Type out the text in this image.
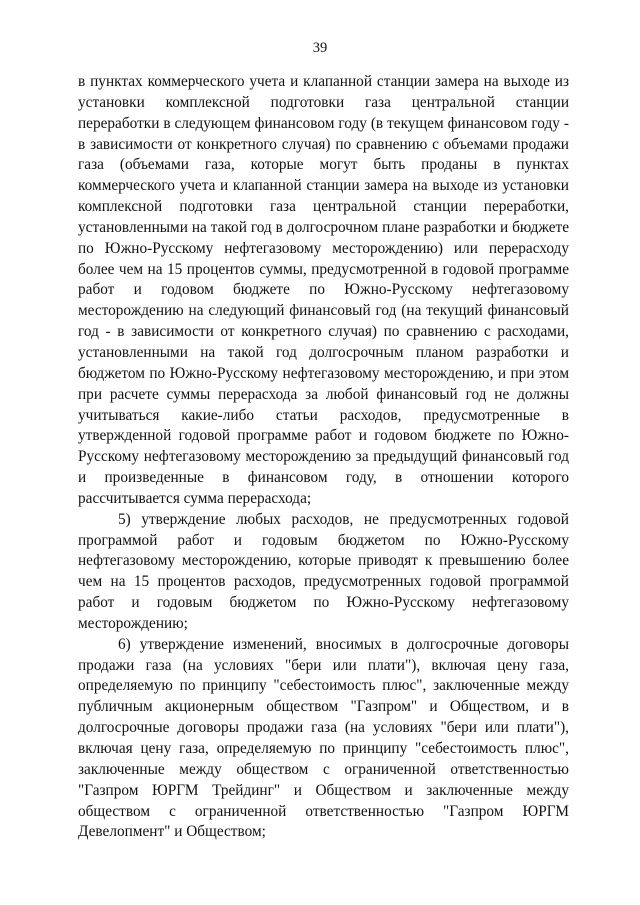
39

в пунктах коммерческого учета и клапанной станции замера на выходе из установки комплексной подготовки газа центральной станции переработки в следующем финансовом году (в текущем финансовом году - в зависимости от конкретного случая) по сравнению с объемами продажи газа (объемами газа, которые могут быть проданы в пунктах коммерческого учета и клапанной станции замера на выходе из установки комплексной подготовки газа центральной станции переработки, установленными на такой год в долгосрочном плане разработки и бюджете по Южно-Русскому нефтегазовому месторождению) или перерасходу более чем на 15 процентов суммы, предусмотренной в годовой программе работ и годовом бюджете по Южно-Русскому нефтегазовому месторождению на следующий финансовый год (на текущий финансовый год - в зависимости от конкретного случая) по сравнению с расходами, установленными на такой год долгосрочным планом разработки и бюджетом по Южно-Русскому нефтегазовому месторождению, и при этом при расчете суммы перерасхода за любой финансовый год не должны учитываться какие-либо статьи расходов, предусмотренные в утвержденной годовой программе работ и годовом бюджете по Южно-Русскому нефтегазовому месторождению за предыдущий финансовый год и произведенные в финансовом году, в отношении которого рассчитывается сумма перерасхода;

5) утверждение любых расходов, не предусмотренных годовой программой работ и годовым бюджетом по Южно-Русскому нефтегазовому месторождению, которые приводят к превышению более чем на 15 процентов расходов, предусмотренных годовой программой работ и годовым бюджетом по Южно-Русскому нефтегазовому месторождению;

6) утверждение изменений, вносимых в долгосрочные договоры продажи газа (на условиях "бери или плати"), включая цену газа, определяемую по принципу "себестоимость плюс", заключенные между публичным акционерным обществом "Газпром" и Обществом, и в долгосрочные договоры продажи газа (на условиях "бери или плати"), включая цену газа, определяемую по принципу "себестоимость плюс", заключенные между обществом с ограниченной ответственностью "Газпром ЮРГМ Трейдинг" и Обществом и заключенные между обществом с ограниченной ответственностью "Газпром ЮРГМ Девелопмент" и Обществом;
